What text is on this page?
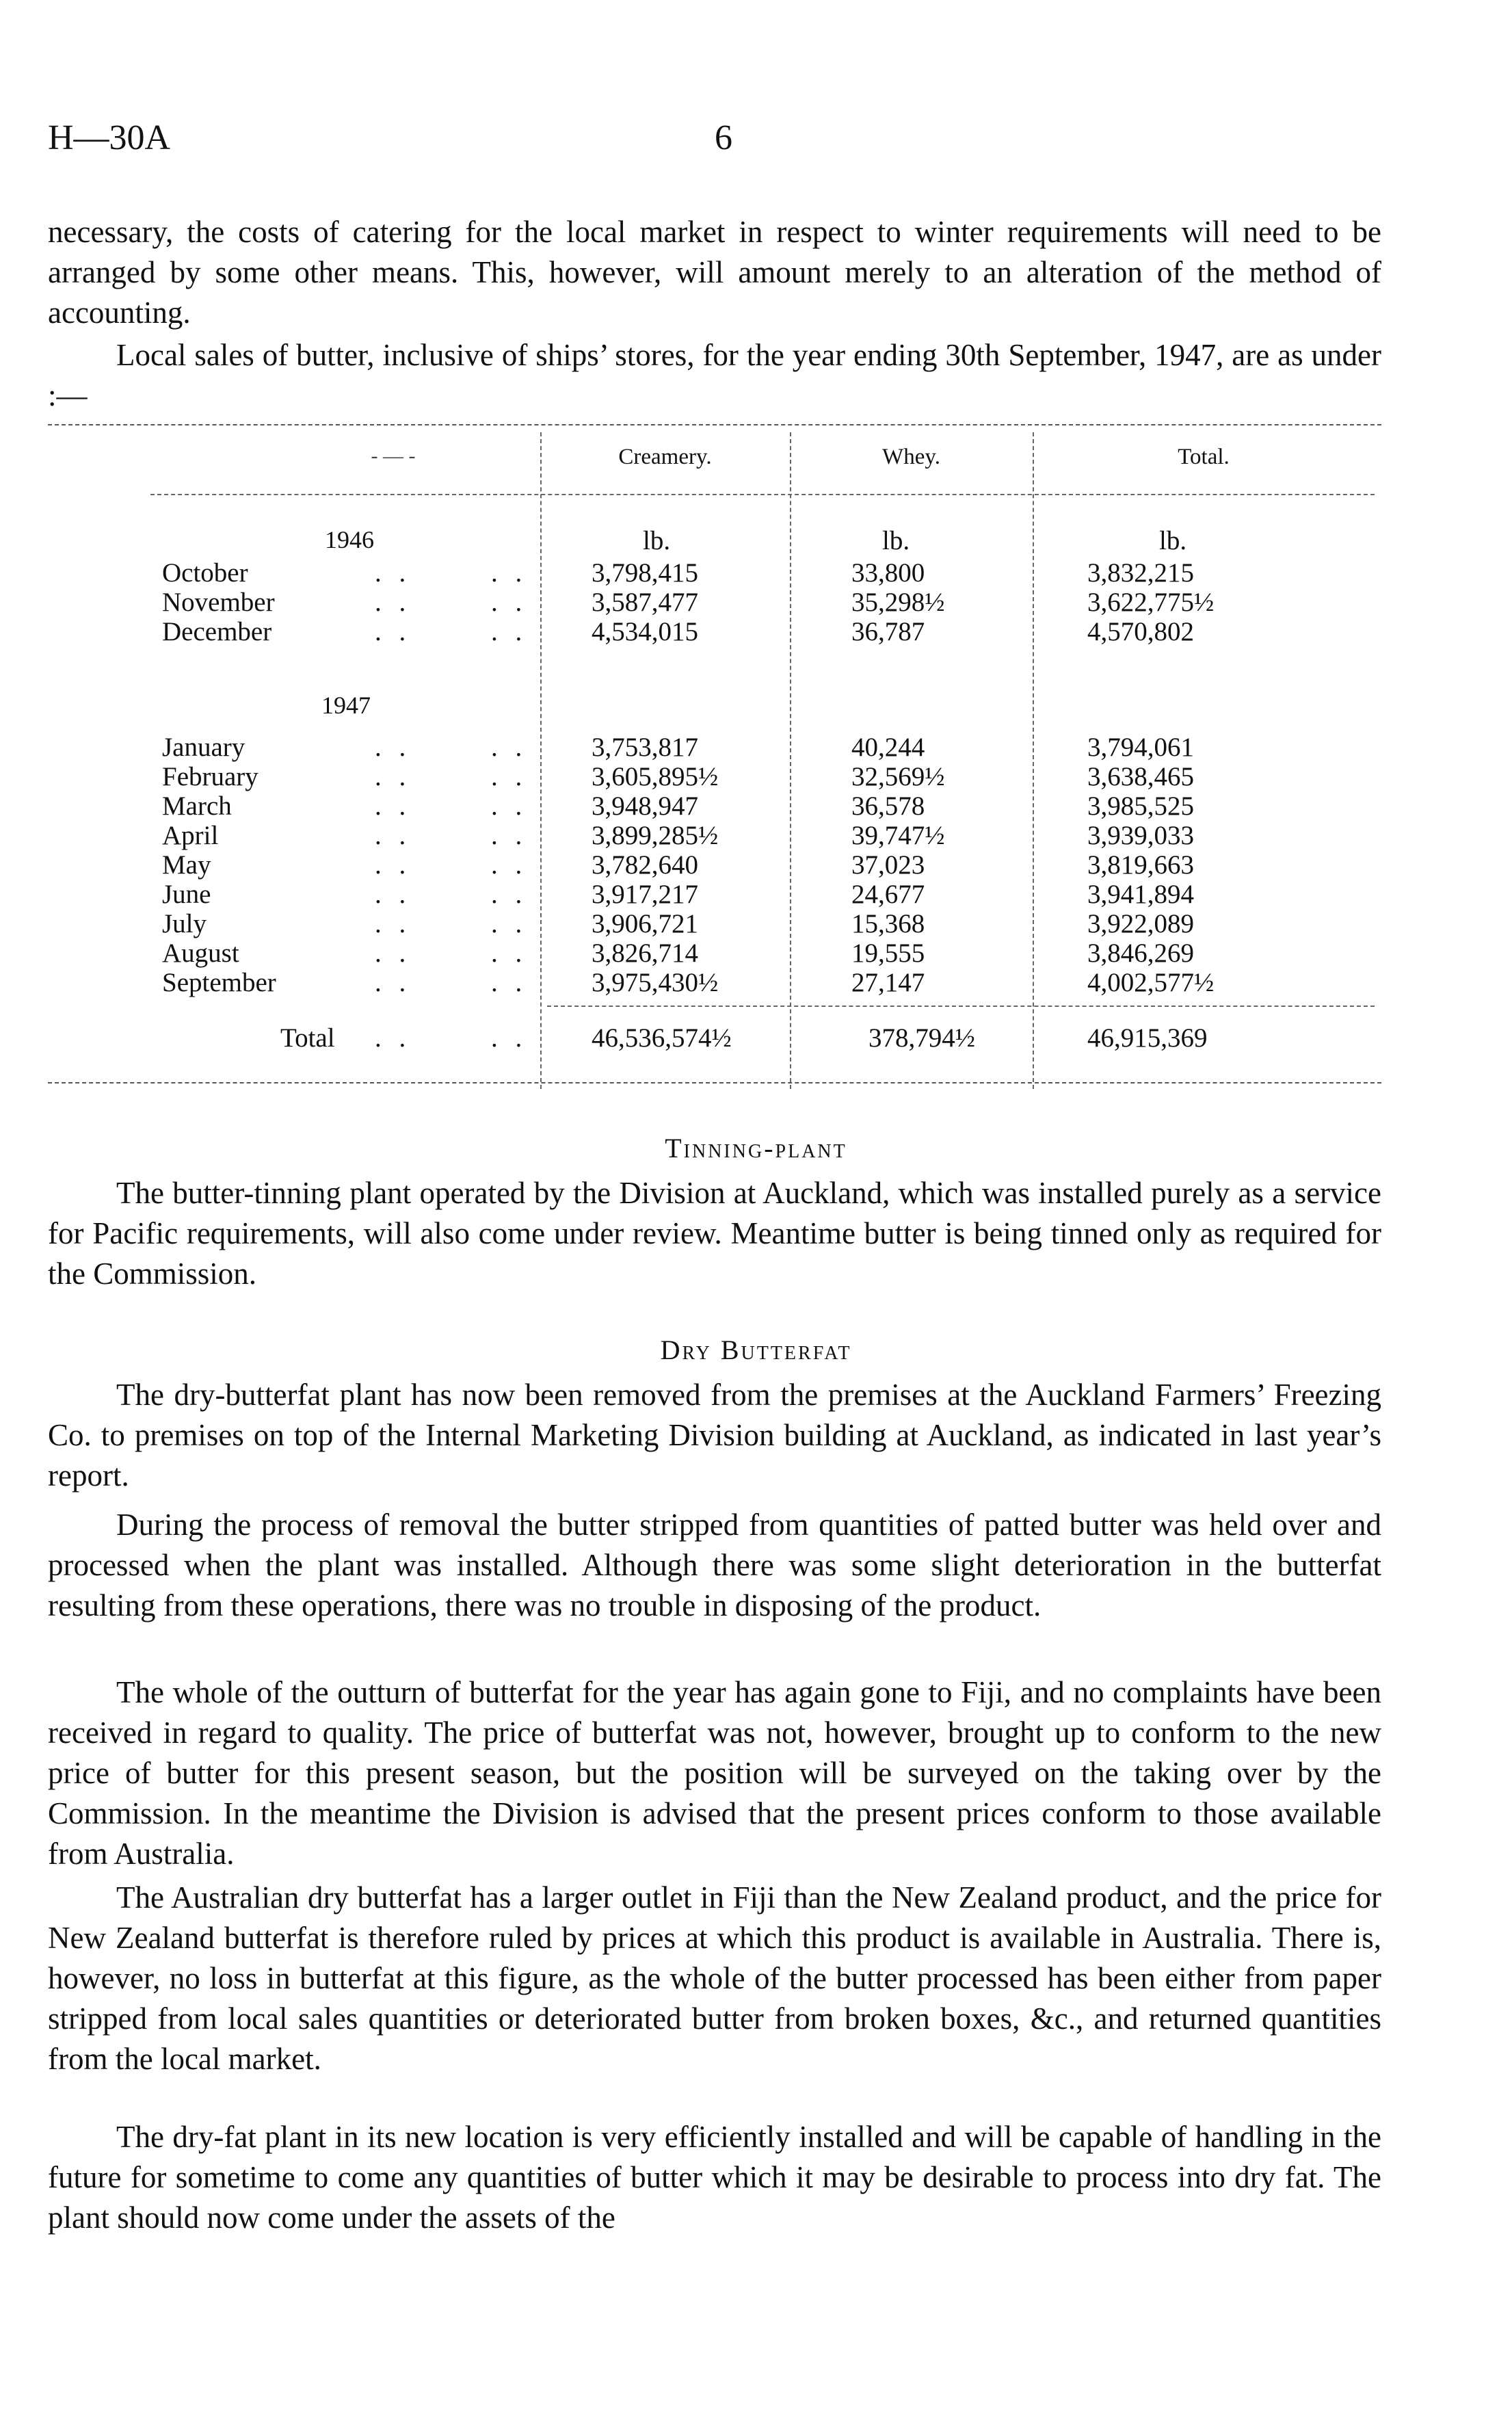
H—30A	6

necessary, the costs of catering for the local market in respect to winter requirements will need to be arranged by some other means. This, however, will amount merely to an alteration of the method of accounting.

Local sales of butter, inclusive of ships’ stores, for the year ending 30th September, 1947, are as under :—

- — -	Creamery.	Whey.	Total.
1946	lb.	lb.	lb.
October	. .	. . 3,798,415	33,800	3,832,215
November	. .	. . 3,587,477	35,298½	3,622,775½
December	. .	. . 4,534,015	36,787	4,570,802
1947
January	. .	. . 3,753,817	40,244	3,794,061
February	. .	. . 3,605,895½	32,569½	3,638,465
March	. .	. . 3,948,947	36,578	3,985,525
April	. .	. . 3,899,285½	39,747½	3,939,033
May	. .	. . 3,782,640	37,023	3,819,663
June	. .	. . 3,917,217	24,677	3,941,894
July	. .	. . 3,906,721	15,368	3,922,089
August	. .	. . 3,826,714	19,555	3,846,269
September	. .	. . 3,975,430½	27,147	4,002,577½
Total . .	. . 46,536,574½	378,794½	46,915,369
Tinning-plant

The butter-tinning plant operated by the Division at Auckland, which was installed purely as a service for Pacific requirements, will also come under review. Meantime butter is being tinned only as required for the Commission.

Dry Butterfat

The dry-butterfat plant has now been removed from the premises at the Auckland Farmers’ Freezing Co. to premises on top of the Internal Marketing Division building at Auckland, as indicated in last year’s report.

During the process of removal the butter stripped from quantities of patted butter was held over and processed when the plant was installed. Although there was some slight deterioration in the butterfat resulting from these operations, there was no trouble in disposing of the product.

The whole of the outturn of butterfat for the year has again gone to Fiji, and no complaints have been received in regard to quality. The price of butterfat was not, however, brought up to conform to the new price of butter for this present season, but the position will be surveyed on the taking over by the Commission. In the meantime the Division is advised that the present prices conform to those available from Australia.

The Australian dry butterfat has a larger outlet in Fiji than the New Zealand product, and the price for New Zealand butterfat is therefore ruled by prices at which this product is available in Australia. There is, however, no loss in butterfat at this figure, as the whole of the butter processed has been either from paper stripped from local sales quantities or deteriorated butter from broken boxes, &c., and returned quantities from the local market.

The dry-fat plant in its new location is very efficiently installed and will be capable of handling in the future for sometime to come any quantities of butter which it may be desirable to process into dry fat. The plant should now come under the assets of the
